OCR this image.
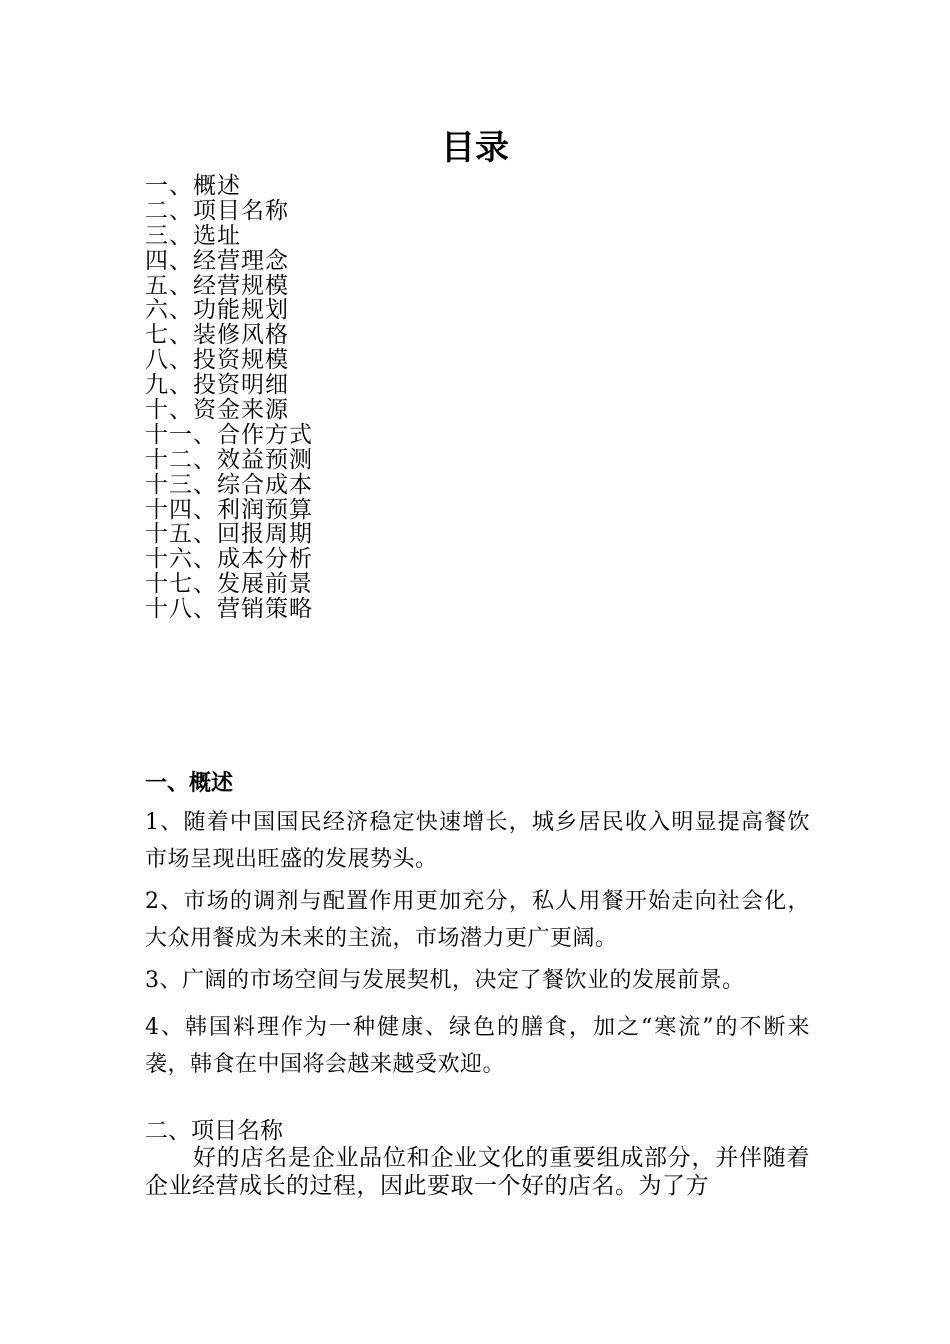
目录
一、概述
二、项目名称
三、选址
四、经营理念
五、经营规模
六、功能规划
七、装修风格
八、投资规模
九、投资明细
十、资金来源
十一、合作方式
十二、效益预测
十三、综合成本
十四、利润预算
十五、回报周期
十六、成本分析
十七、发展前景
十八、营销策略
一、概述

1、随着中国国民经济稳定快速增长，城乡居民收入明显提高餐饮市场呈现出旺盛的发展势头。

2、市场的调剂与配置作用更加充分，私人用餐开始走向社会化，大众用餐成为未来的主流，市场潜力更广更阔。

3、广阔的市场空间与发展契机，决定了餐饮业的发展前景。

4、韩国料理作为一种健康、绿色的膳食，加之“寒流”的不断来袭，韩食在中国将会越来越受欢迎。

二、项目名称

好的店名是企业品位和企业文化的重要组成部分，并伴随着企业经营成长的过程，因此要取一个好的店名。为了方
